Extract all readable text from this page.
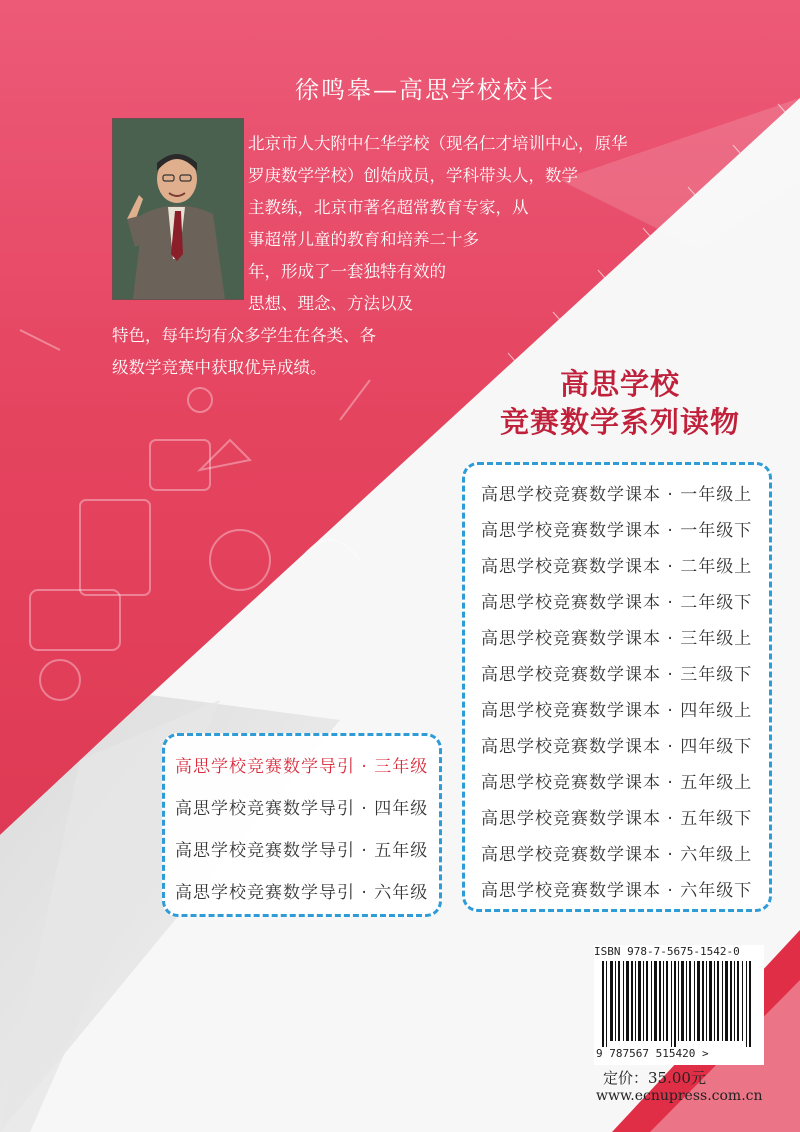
徐鸣皋—高思学校校长
北京市人大附中仁华学校（现名仁才培训中心，原华
罗庚数学学校）创始成员，学科带头人，数学
主教练，北京市著名超常教育专家，从
事超常儿童的教育和培养二十多
年，形成了一套独特有效的
思想、理念、方法以及
特色，每年均有众多学生在各类、各
级数学竞赛中获取优异成绩。	高思学校
竞赛数学系列读物
高思学校竞赛数学课本 · 一年级上
高思学校竞赛数学课本 · 一年级下
高思学校竞赛数学课本 · 二年级上
高思学校竞赛数学课本 · 二年级下
高思学校竞赛数学课本 · 三年级上
高思学校竞赛数学课本 · 三年级下
高思学校竞赛数学课本 · 四年级上
高思学校竞赛数学课本 · 四年级下
高思学校竞赛数学课本 · 五年级上
高思学校竞赛数学课本 · 五年级下
高思学校竞赛数学课本 · 六年级上
高思学校竞赛数学课本 · 六年级下
高思学校竞赛数学导引 · 三年级
高思学校竞赛数学导引 · 四年级
高思学校竞赛数学导引 · 五年级
高思学校竞赛数学导引 · 六年级
ISBN 978-7-5675-1542-0
9 787567 515420 >
定价：35.00元
www.ecnupress.com.cn
